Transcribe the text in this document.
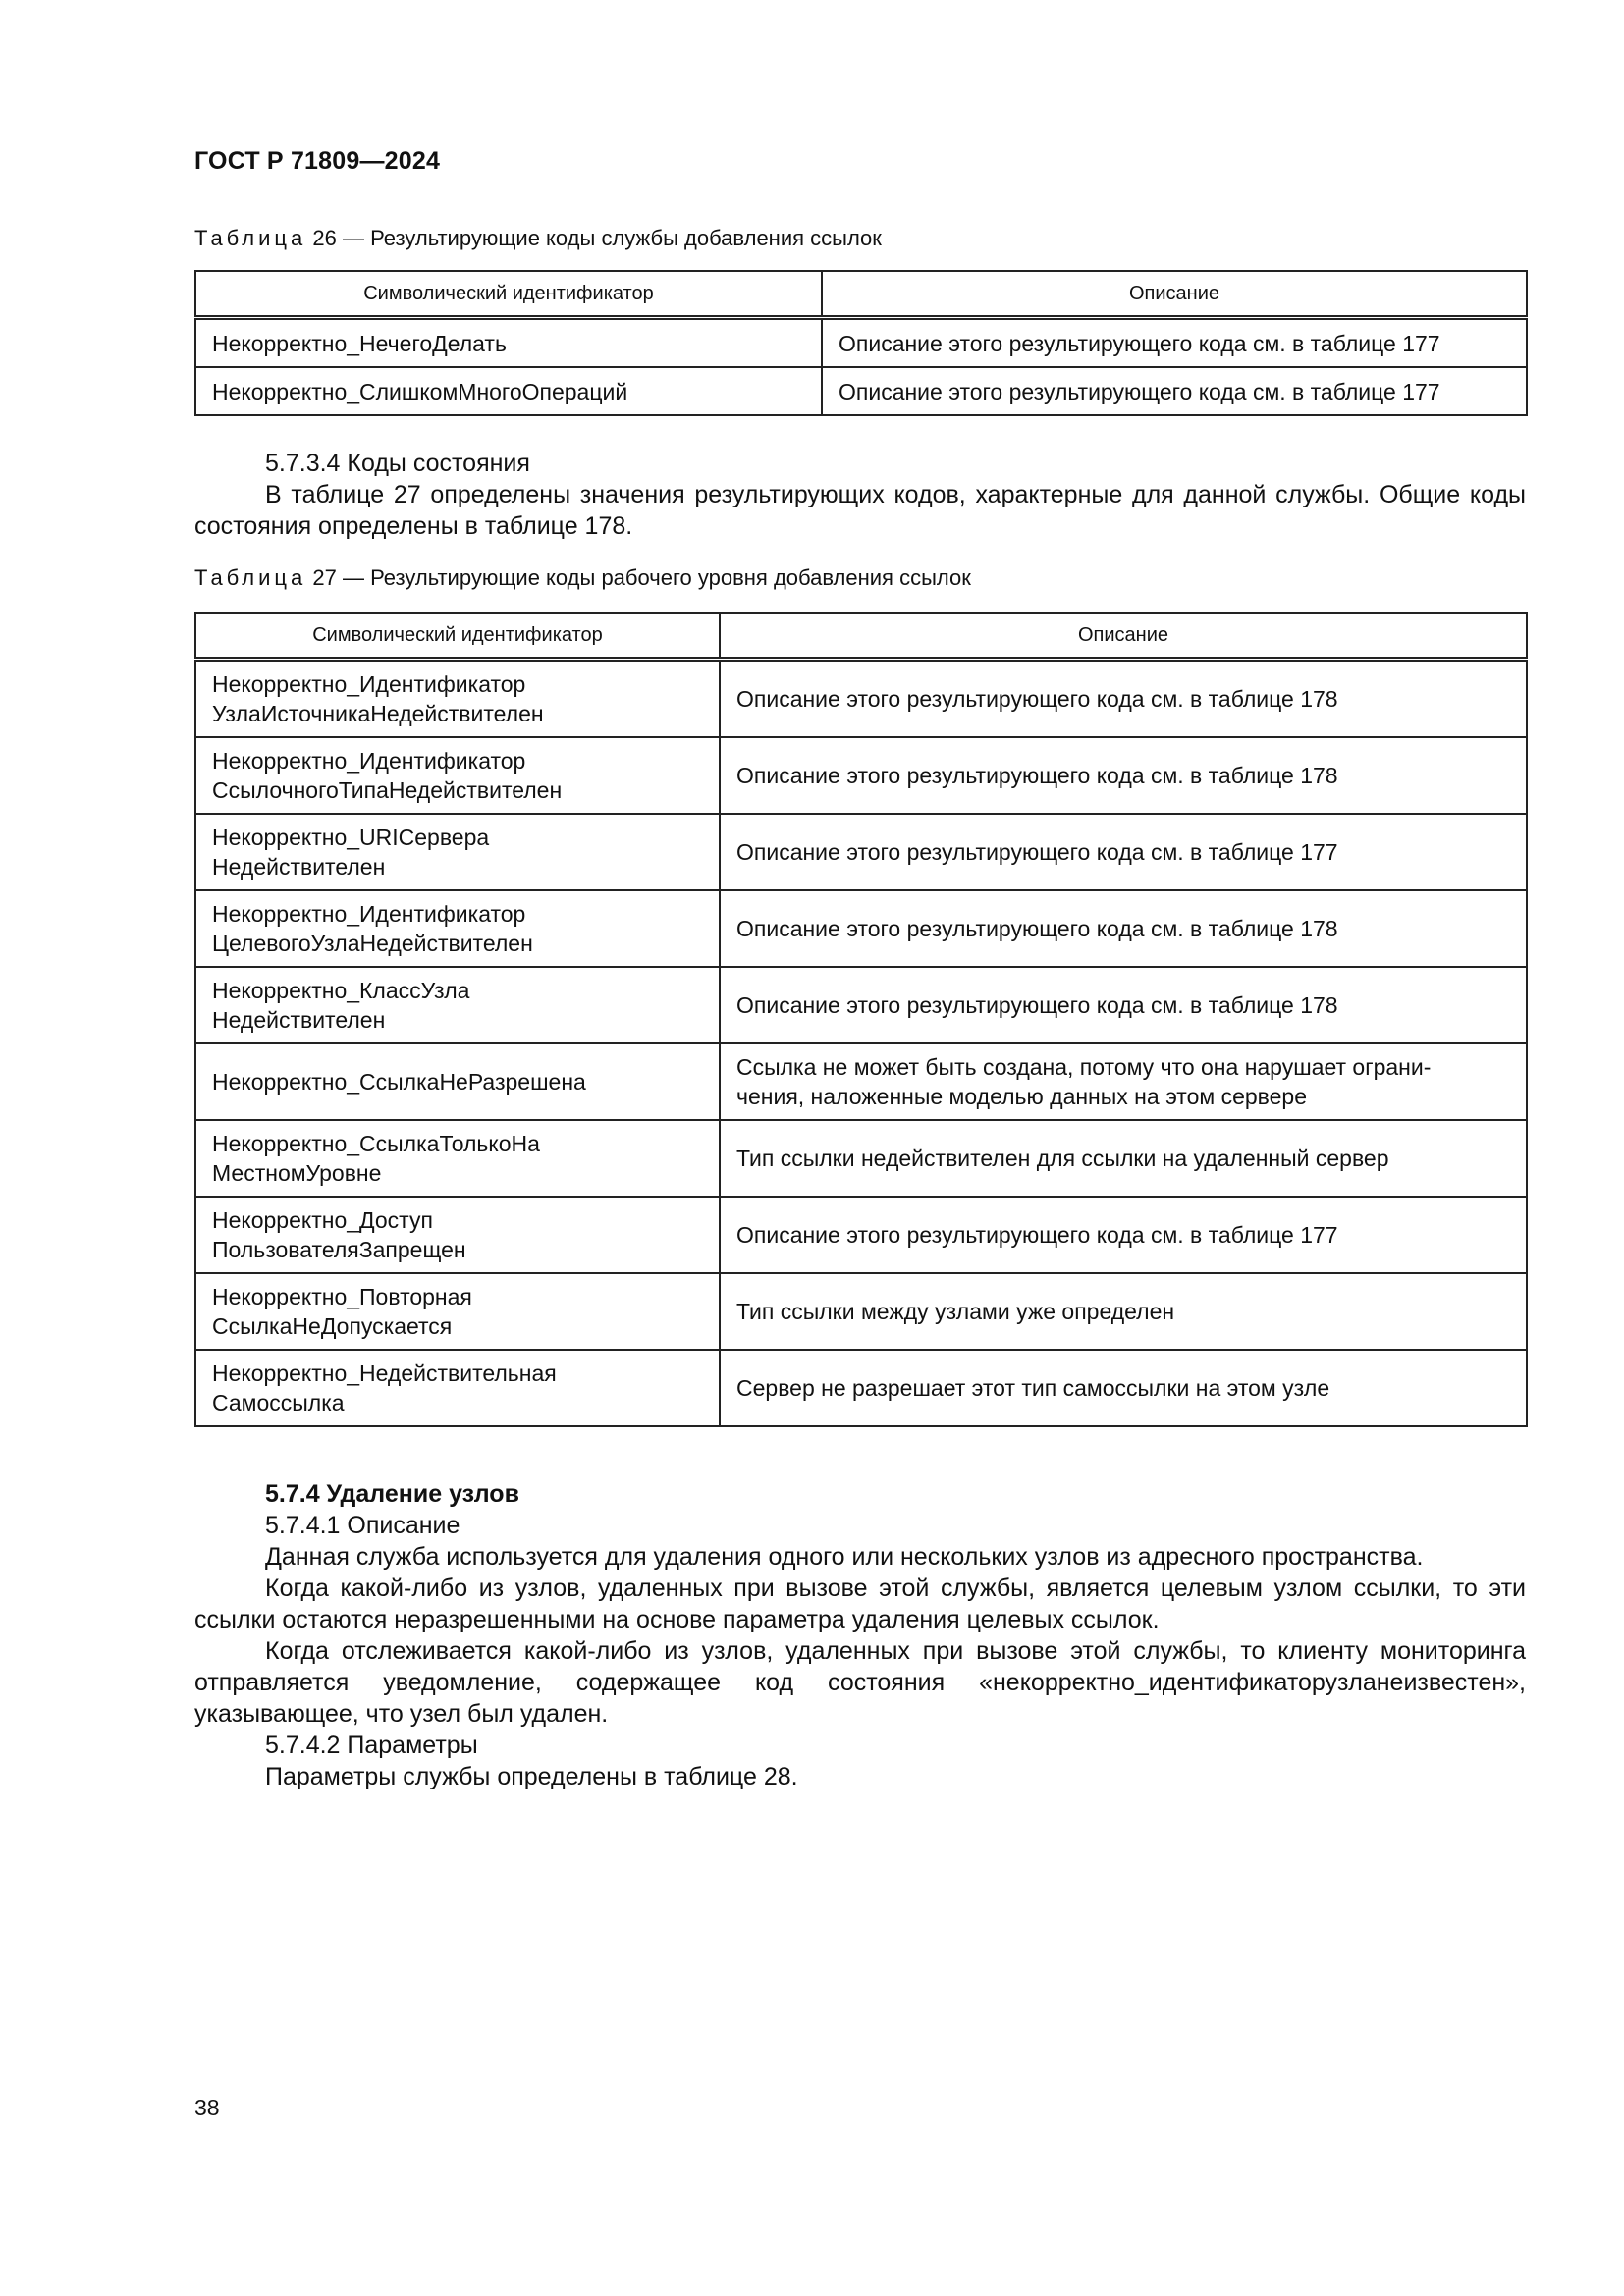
ГОСТ Р 71809—2024
Таблица 26 — Результирующие коды службы добавления ссылок
Символический идентификатор	Описание
Некорректно_НечегоДелать	Описание этого результирующего кода см. в таблице 177
Некорректно_СлишкомМногоОпераций	Описание этого результирующего кода см. в таблице 177

5.7.3.4 Коды состояния

В таблице 27 определены значения результирующих кодов, характерные для данной службы. Общие коды состояния определены в таблице 178.

Таблица 27 — Результирующие коды рабочего уровня добавления ссылок
Символический идентификатор	Описание
Некорректно_Идентификатор
УзлаИсточникаНедействителен	Описание этого результирующего кода см. в таблице 178
Некорректно_Идентификатор
СсылочногоТипаНедействителен	Описание этого результирующего кода см. в таблице 178
Некорректно_URIСервера
Недействителен	Описание этого результирующего кода см. в таблице 177
Некорректно_Идентификатор
ЦелевогоУзлаНедействителен	Описание этого результирующего кода см. в таблице 178
Некорректно_КлассУзла
Недействителен	Описание этого результирующего кода см. в таблице 178
Некорректно_СсылкаНеРазрешена	Ссылка не может быть создана, потому что она нарушает ограни-
чения, наложенные моделью данных на этом сервере
Некорректно_СсылкаТолькоНа
МестномУровне	Тип ссылки недействителен для ссылки на удаленный сервер
Некорректно_Доступ
ПользователяЗапрещен	Описание этого результирующего кода см. в таблице 177
Некорректно_Повторная
СсылкаНеДопускается	Тип ссылки между узлами уже определен
Некорректно_Недействительная
Самоссылка	Сервер не разрешает этот тип самоссылки на этом узле

5.7.4 Удаление узлов

5.7.4.1 Описание

Данная служба используется для удаления одного или нескольких узлов из адресного пространства.

Когда какой-либо из узлов, удаленных при вызове этой службы, является целевым узлом ссылки, то эти ссылки остаются неразрешенными на основе параметра удаления целевых ссылок.

Когда отслеживается какой-либо из узлов, удаленных при вызове этой службы, то клиенту мониторинга отправляется уведомление, содержащее код состояния «некорректно_идентификаторузланеизвестен», указывающее, что узел был удален.

5.7.4.2 Параметры

Параметры службы определены в таблице 28.

38
